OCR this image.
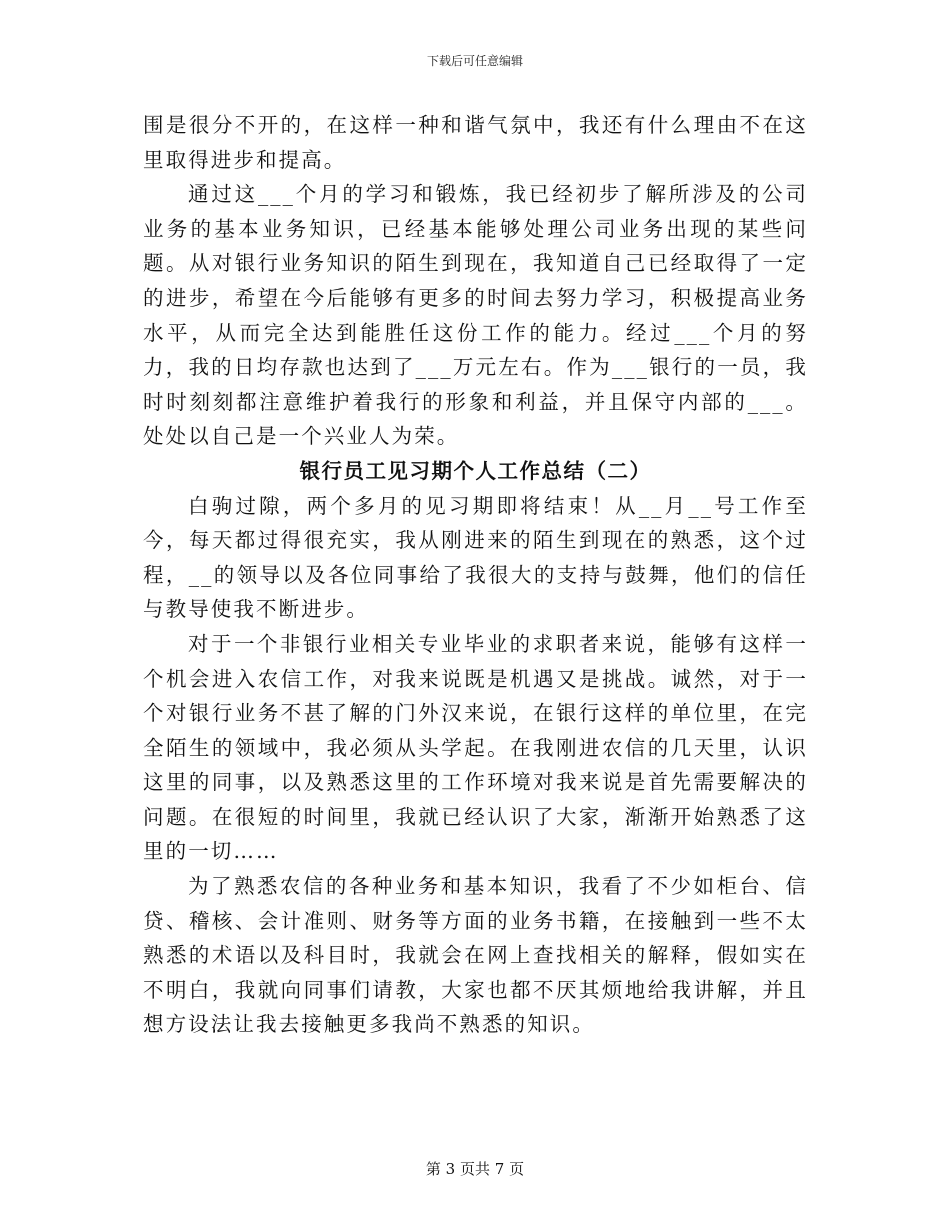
下载后可任意编辑

围是很分不开的，在这样一种和谐气氛中，我还有什么理由不在这里取得进步和提高。

通过这___个月的学习和锻炼，我已经初步了解所涉及的公司业务的基本业务知识，已经基本能够处理公司业务出现的某些问题。从对银行业务知识的陌生到现在，我知道自己已经取得了一定的进步，希望在今后能够有更多的时间去努力学习，积极提高业务水平，从而完全达到能胜任这份工作的能力。经过___个月的努力，我的日均存款也达到了___万元左右。作为___银行的一员，我时时刻刻都注意维护着我行的形象和利益，并且保守内部的___。处处以自己是一个兴业人为荣。

银行员工见习期个人工作总结（二）

白驹过隙，两个多月的见习期即将结束！从__月__号工作至今，每天都过得很充实，我从刚进来的陌生到现在的熟悉，这个过程，__的领导以及各位同事给了我很大的支持与鼓舞，他们的信任与教导使我不断进步。

对于一个非银行业相关专业毕业的求职者来说，能够有这样一个机会进入农信工作，对我来说既是机遇又是挑战。诚然，对于一个对银行业务不甚了解的门外汉来说，在银行这样的单位里，在完全陌生的领域中，我必须从头学起。在我刚进农信的几天里，认识这里的同事，以及熟悉这里的工作环境对我来说是首先需要解决的问题。在很短的时间里，我就已经认识了大家，渐渐开始熟悉了这里的一切……

为了熟悉农信的各种业务和基本知识，我看了不少如柜台、信贷、稽核、会计准则、财务等方面的业务书籍，在接触到一些不太熟悉的术语以及科目时，我就会在网上查找相关的解释，假如实在不明白，我就向同事们请教，大家也都不厌其烦地给我讲解，并且想方设法让我去接触更多我尚不熟悉的知识。

第 3 页共 7 页
